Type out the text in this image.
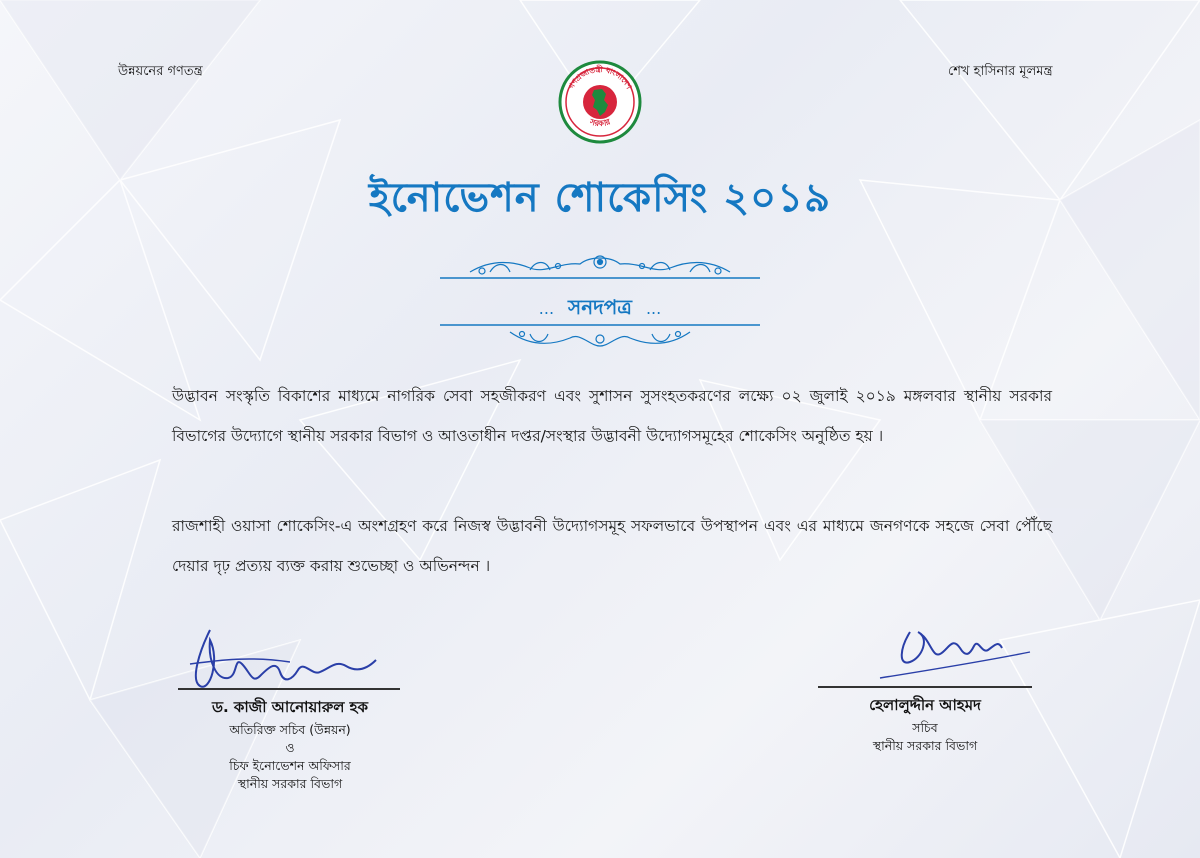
উন্নয়নের গণতন্ত্র	শেখ হাসিনার মূলমন্ত্র
গণপ্রজাতন্ত্রী বাংলাদেশ
সরকার
ইনোভেশন শোকেসিং ২০১৯
... সনদপত্র ...
উদ্ভাবন সংস্কৃতি বিকাশের মাধ্যমে নাগরিক সেবা সহজীকরণ এবং সুশাসন সুসংহতকরণের লক্ষ্যে ০২ জুলাই ২০১৯ মঙ্গলবার স্থানীয় সরকার বিভাগের উদ্যোগে স্থানীয় সরকার বিভাগ ও আওতাধীন দপ্তর/সংস্থার উদ্ভাবনী উদ্যোগসমূহের শোকেসিং অনুষ্ঠিত হয় ।
রাজশাহী ওয়াসা শোকেসিং-এ অংশগ্রহণ করে নিজস্ব উদ্ভাবনী উদ্যোগসমূহ সফলভাবে উপস্থাপন এবং এর মাধ্যমে জনগণকে সহজে সেবা পৌঁছে দেয়ার দৃঢ় প্রত্যয় ব্যক্ত করায় শুভেচ্ছা ও অভিনন্দন ।
ড. কাজী আনোয়ারুল হক
অতিরিক্ত সচিব (উন্নয়ন)
ও
চিফ ইনোভেশন অফিসার
স্থানীয় সরকার বিভাগ
হেলালুদ্দীন আহমদ
সচিব
স্থানীয় সরকার বিভাগ
